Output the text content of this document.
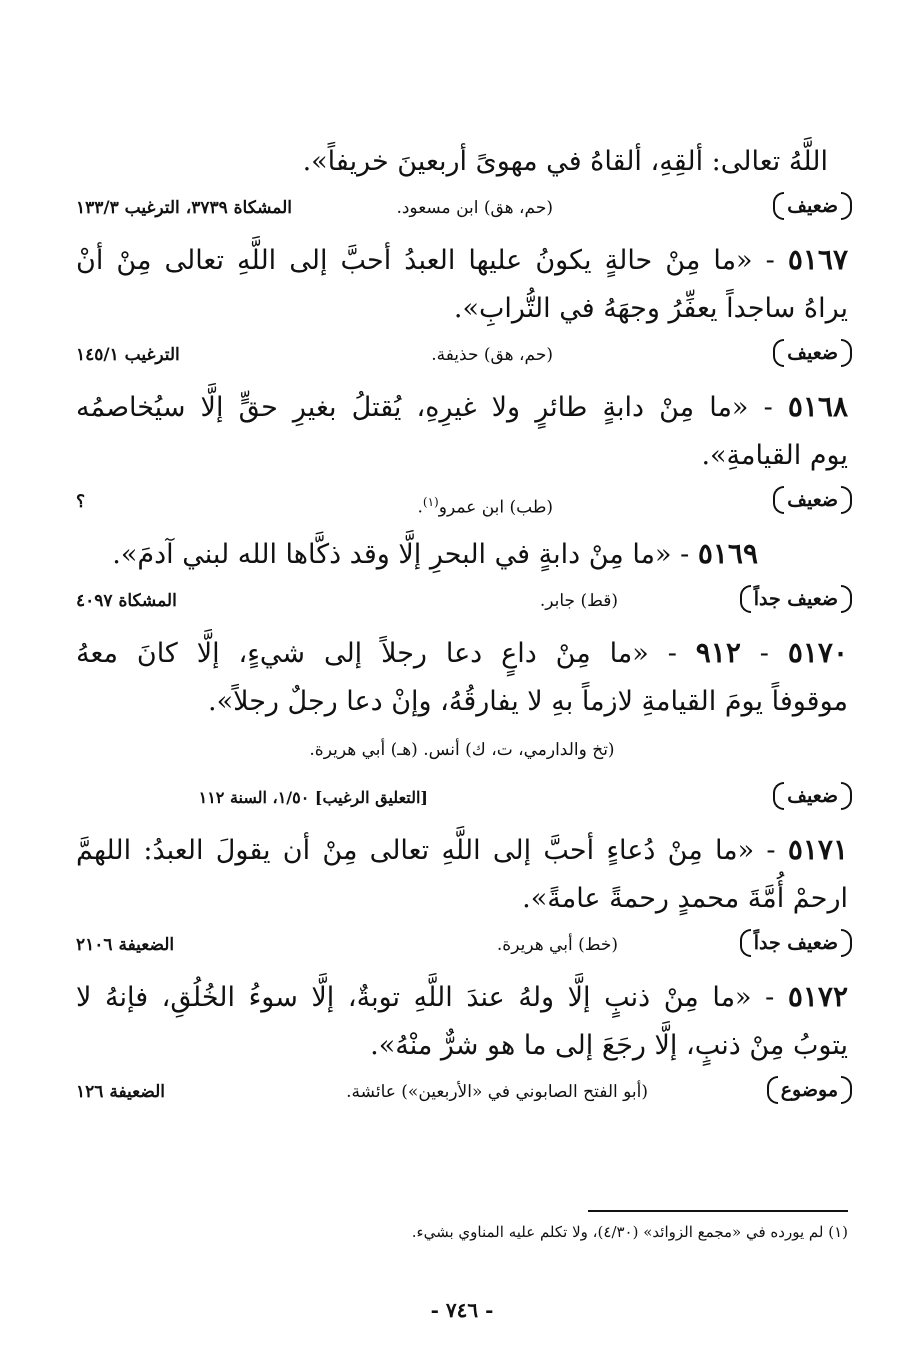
اللَّهُ تعالى: ألقِهِ، ألقاهُ في مهوىً أربعينَ خريفاً».
ضعيف
(حم، هق) ابن مسعود.
المشكاة ٣٧٣٩، الترغيب ١٣٣/٣
٥١٦٧ - «ما مِنْ حالةٍ يكونُ عليها العبدُ أحبَّ إلى اللَّهِ تعالى مِنْ أنْ
يراهُ ساجداً يعفِّرُ وجهَهُ في التُّرابِ».
ضعيف
(حم، هق) حذيفة.
الترغيب ١٤٥/١
٥١٦٨ - «ما مِنْ دابةٍ طائرٍ ولا غيرِهِ، يُقتلُ بغيرِ حقٍّ إلَّا سيُخاصمُه
يوم القيامةِ».
ضعيف
(طب) ابن عمرو$^{(١)}$.
؟
٥١٦٩ - «ما مِنْ دابةٍ في البحرِ إلَّا وقد ذكَّاها الله لبني آدمَ».
ضعيف جداً
(قط) جابر.
المشكاة ٤٠٩٧
٥١٧٠ - ٩١٢ - «ما مِنْ داعٍ دعا رجلاً إلى شيءٍ، إلَّا كانَ معهُ
موقوفاً يومَ القيامةِ لازماً بهِ لا يفارقُهُ، وإنْ دعا رجلٌ رجلاً».
(تخ والدارمي، ت، ك) أنس. (هـ) أبي هريرة.
ضعيف
[التعليق الرغيب] ١/٥٠، السنة ١١٢
٥١٧١ - «ما مِنْ دُعاءٍ أحبَّ إلى اللَّهِ تعالى مِنْ أن يقولَ العبدُ: اللهمَّ
ارحمْ أُمَّةَ محمدٍ رحمةً عامةً».
ضعيف جداً
(خط) أبي هريرة.
الضعيفة ٢١٠٦
٥١٧٢ - «ما مِنْ ذنبٍ إلَّا ولهُ عندَ اللَّهِ توبةٌ، إلَّا سوءُ الخُلُقِ، فإنهُ لا
يتوبُ مِنْ ذنبٍ، إلَّا رجَعَ إلى ما هو شرٌّ منْهُ».
موضوع
(أبو الفتح الصابوني في «الأربعين») عائشة.
الضعيفة ١٢٦
(١) لم يورده في «مجمع الزوائد» (٤/٣٠)، ولا تكلم عليه المناوي بشيء.
- ٧٤٦ -
